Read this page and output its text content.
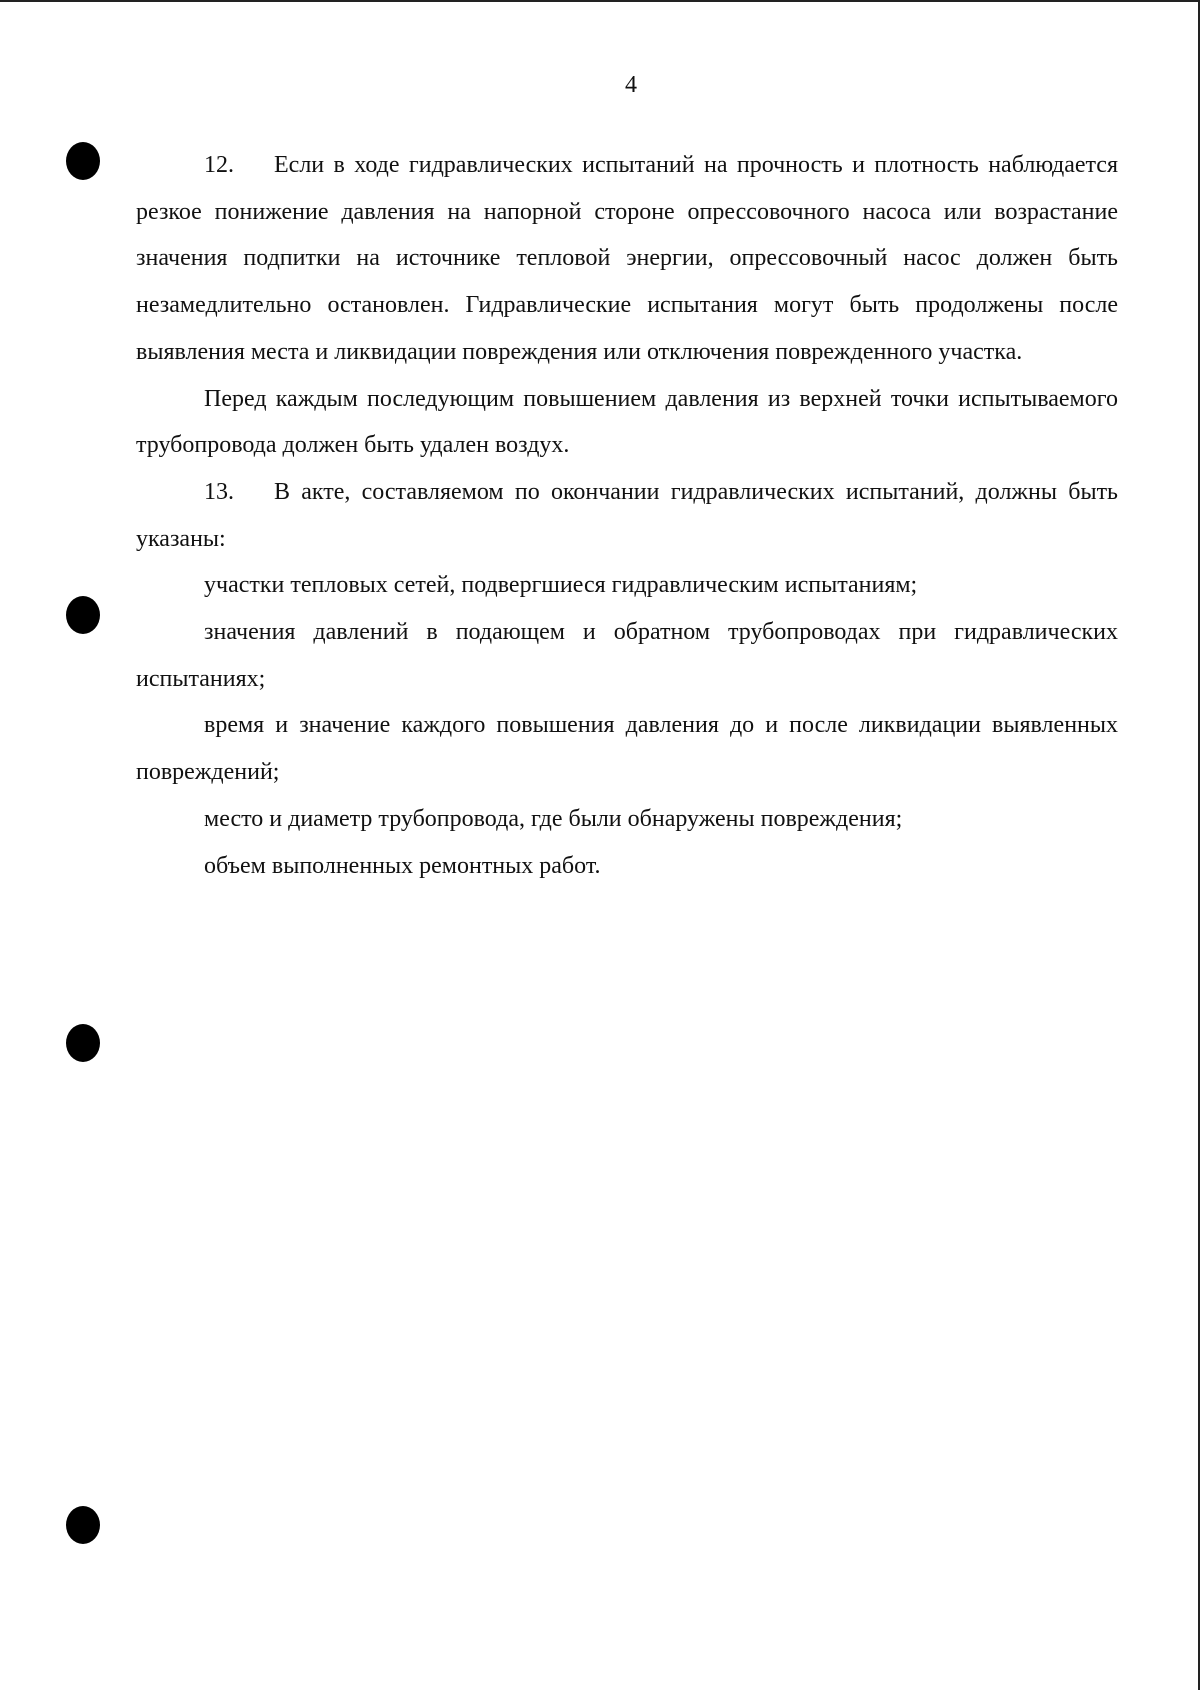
4

12. Если в ходе гидравлических испытаний на прочность и плотность наблюдается резкое понижение давления на напорной стороне опрессовочного насоса или возрастание значения подпитки на источнике тепловой энергии, опрессовочный насос должен быть незамедлительно остановлен. Гидравлические испытания могут быть продолжены после выявления места и ликвидации повреждения или отключения поврежденного участка.

Перед каждым последующим повышением давления из верхней точки испытываемого трубопровода должен быть удален воздух.

13. В акте, составляемом по окончании гидравлических испытаний, должны быть указаны:

участки тепловых сетей, подвергшиеся гидравлическим испытаниям;

значения давлений в подающем и обратном трубопроводах при гидравлических испытаниях;

время и значение каждого повышения давления до и после ликвидации выявленных повреждений;

место и диаметр трубопровода, где были обнаружены повреждения;

объем выполненных ремонтных работ.
